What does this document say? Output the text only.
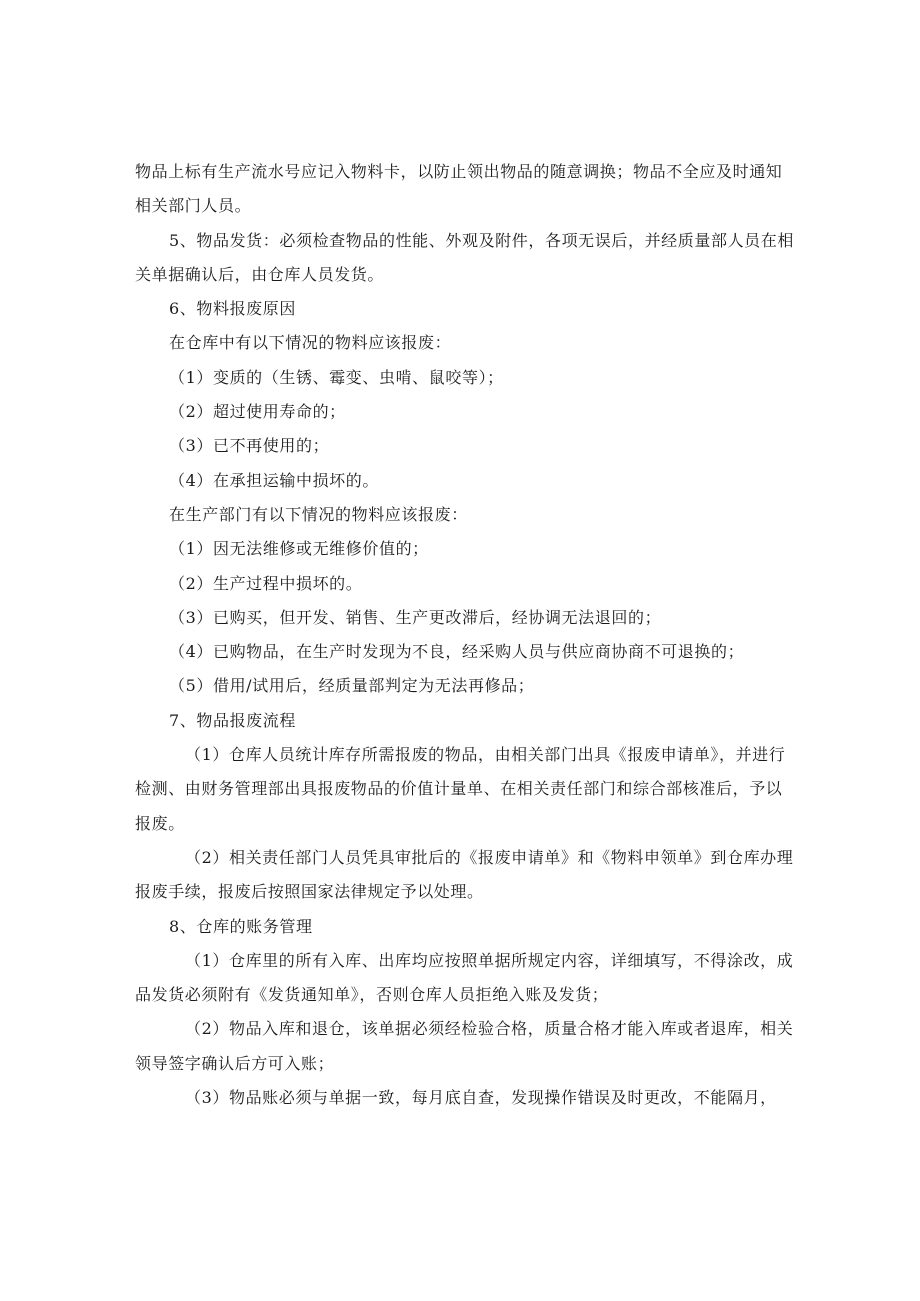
物品上标有生产流水号应记入物料卡，以防止领出物品的随意调换；物品不全应及时通知相关部门人员。

5、物品发货：必须检查物品的性能、外观及附件，各项无误后，并经质量部人员在相关单据确认后，由仓库人员发货。

6、物料报废原因

在仓库中有以下情况的物料应该报废：

（1）变质的（生锈、霉变、虫啃、鼠咬等）；

（2）超过使用寿命的；

（3）已不再使用的；

（4）在承担运输中损坏的。

在生产部门有以下情况的物料应该报废：

（1）因无法维修或无维修价值的；

（2）生产过程中损坏的。

（3）已购买，但开发、销售、生产更改滞后，经协调无法退回的；

（4）已购物品，在生产时发现为不良，经采购人员与供应商协商不可退换的；

（5）借用/试用后，经质量部判定为无法再修品；

7、物品报废流程

（1）仓库人员统计库存所需报废的物品，由相关部门出具《报废申请单》，并进行检测、由财务管理部出具报废物品的价值计量单、在相关责任部门和综合部核准后，予以报废。

（2）相关责任部门人员凭具审批后的《报废申请单》和《物料申领单》到仓库办理报废手续，报废后按照国家法律规定予以处理。

8、仓库的账务管理

（1）仓库里的所有入库、出库均应按照单据所规定内容，详细填写，不得涂改，成品发货必须附有《发货通知单》，否则仓库人员拒绝入账及发货；

（2）物品入库和退仓，该单据必须经检验合格，质量合格才能入库或者退库，相关领导签字确认后方可入账；

（3）物品账必须与单据一致，每月底自查，发现操作错误及时更改，不能隔月，
